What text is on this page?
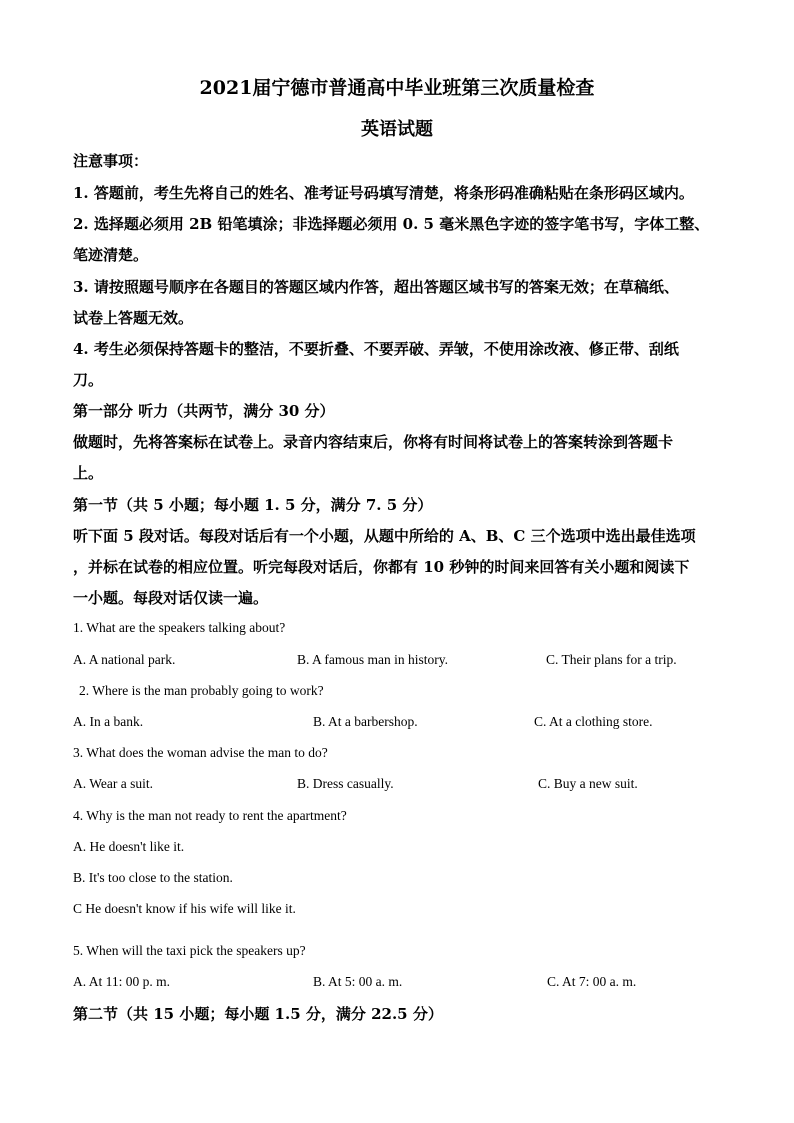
2021届宁德市普通高中毕业班第三次质量检查
英语试题
注意事项：
1. 答题前，考生先将自己的姓名、准考证号码填写清楚，将条形码准确粘贴在条形码区域内。
2. 选择题必须用 2B 铅笔填涂；非选择题必须用 0. 5 毫米黑色字迹的签字笔书写，字体工整、
笔迹清楚。
3. 请按照题号顺序在各题目的答题区域内作答，超出答题区域书写的答案无效；在草稿纸、
试卷上答题无效。
4. 考生必须保持答题卡的整洁，不要折叠、不要弄破、弄皱，不使用涂改液、修正带、刮纸
刀。
第一部分 听力（共两节，满分 30 分）
做题时，先将答案标在试卷上。录音内容结束后，你将有时间将试卷上的答案转涂到答题卡
上。
第一节（共 5 小题；每小题 1. 5 分，满分 7. 5 分）
听下面 5 段对话。每段对话后有一个小题，从题中所给的 A、B、C 三个选项中选出最佳选项
，并标在试卷的相应位置。听完每段对话后，你都有 10 秒钟的时间来回答有关小题和阅读下
一小题。每段对话仅读一遍。
1. What are the speakers talking about?
A. A national park.	B. A famous man in history.	C. Their plans for a trip.
2. Where is the man probably going to work?
A. In a bank.	B. At a barbershop.	C. At a clothing store.
3. What does the woman advise the man to do?
A. Wear a suit.	B. Dress casually.	C. Buy a new suit.
4. Why is the man not ready to rent the apartment?
A. He doesn't like it.
B. It's too close to the station.
C He doesn't know if his wife will like it.
5. When will the taxi pick the speakers up?
A. At 11: 00 p. m.	B. At 5: 00 a. m.	C. At 7: 00 a. m.
第二节（共 15 小题；每小题 1.5 分，满分 22.5 分）
